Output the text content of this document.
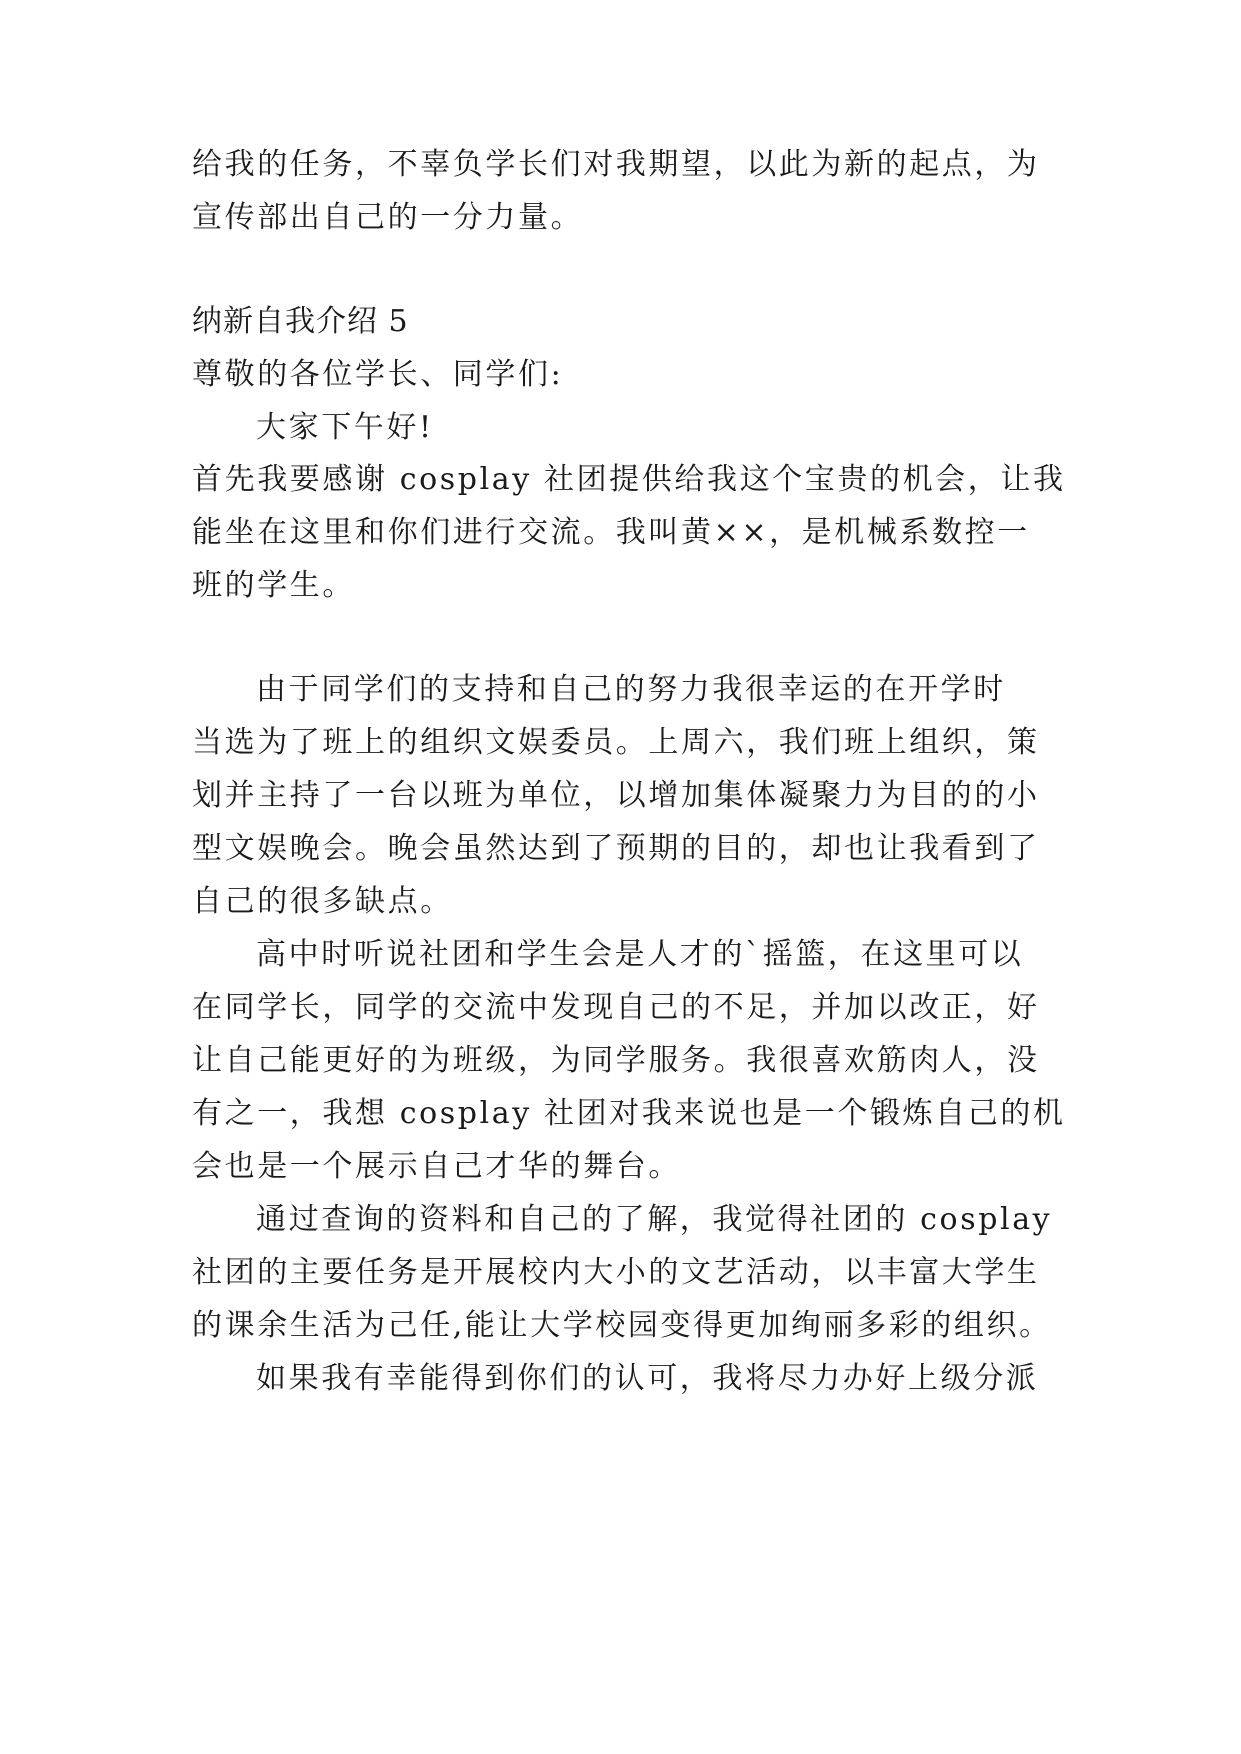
给我的任务，不辜负学长们对我期望，以此为新的起点，为
宣传部出自己的一分力量。
纳新自我介绍 5
尊敬的各位学长、同学们:
大家下午好!
首先我要感谢 cosplay 社团提供给我这个宝贵的机会，让我
能坐在这里和你们进行交流。我叫黄××，是机械系数控一
班的学生。
由于同学们的支持和自己的努力我很幸运的在开学时
当选为了班上的组织文娱委员。上周六，我们班上组织，策
划并主持了一台以班为单位，以增加集体凝聚力为目的的小
型文娱晚会。晚会虽然达到了预期的目的，却也让我看到了
自己的很多缺点。
高中时听说社团和学生会是人才的`摇篮，在这里可以
在同学长，同学的交流中发现自己的不足，并加以改正，好
让自己能更好的为班级，为同学服务。我很喜欢筋肉人，没
有之一，我想 cosplay 社团对我来说也是一个锻炼自己的机
会也是一个展示自己才华的舞台。
通过查询的资料和自己的了解，我觉得社团的 cosplay
社团的主要任务是开展校内大小的文艺活动，以丰富大学生
的课余生活为己任,能让大学校园变得更加绚丽多彩的组织。
如果我有幸能得到你们的认可，我将尽力办好上级分派
